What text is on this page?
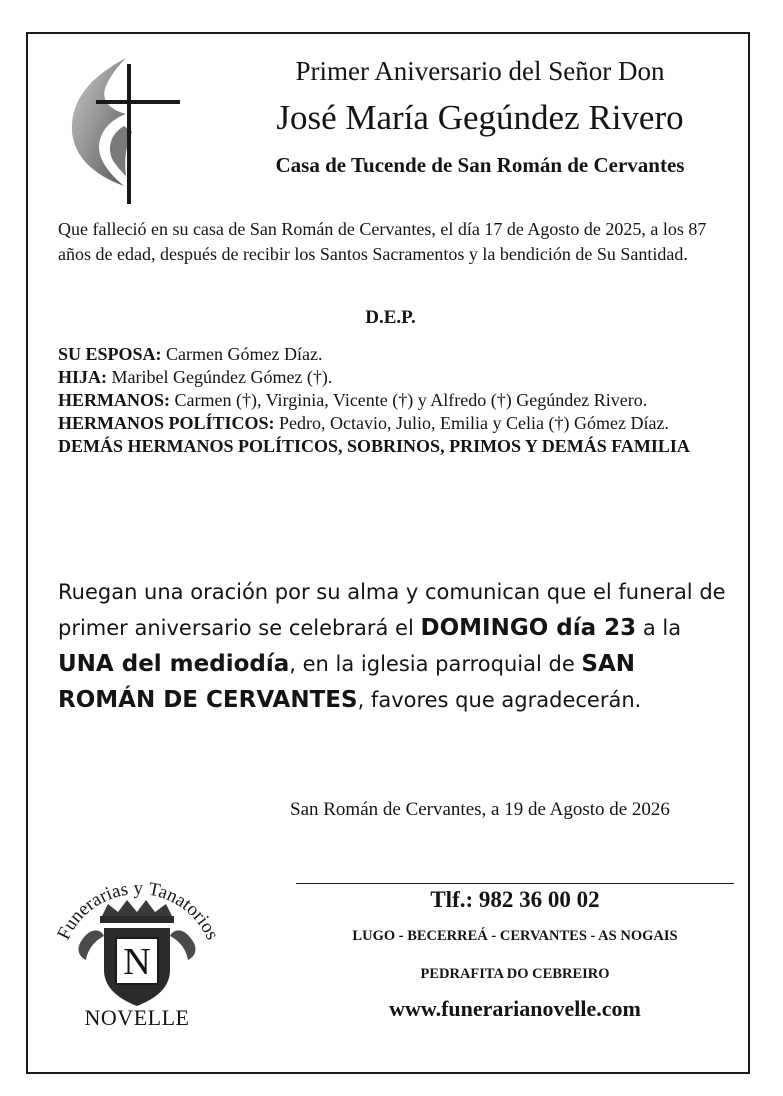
Primer Aniversario del Señor Don
José María Gegúndez Rivero
Casa de Tucende de San Román de Cervantes
Que falleció en su casa de San Román de Cervantes, el día 17 de Agosto de 2025, a los 87 años de edad, después de recibir los Santos Sacramentos y la bendición de Su Santidad.
D.E.P.

SU ESPOSA: Carmen Gómez Díaz.

HIJA: Maribel Gegúndez Gómez (†).

HERMANOS: Carmen (†), Virginia, Vicente (†) y Alfredo (†) Gegúndez Rivero.

HERMANOS POLÍTICOS: Pedro, Octavio, Julio, Emilia y Celia (†) Gómez Díaz.

DEMÁS HERMANOS POLÍTICOS, SOBRINOS, PRIMOS Y DEMÁS FAMILIA

Ruegan una oración por su alma y comunican que el funeral de primer aniversario se celebrará el DOMINGO día 23 a la UNA del mediodía, en la iglesia parroquial de SAN ROMÁN DE CERVANTES, favores que agradecerán.
San Román de Cervantes, a 19 de Agosto de 2026
Tlf.: 982 36 00 02
LUGO - BECERREÁ - CERVANTES - AS NOGAIS
PEDRAFITA DO CEBREIRO
www.funerarianovelle.com
Funerarias y Tanatorios
N
NOVELLE
